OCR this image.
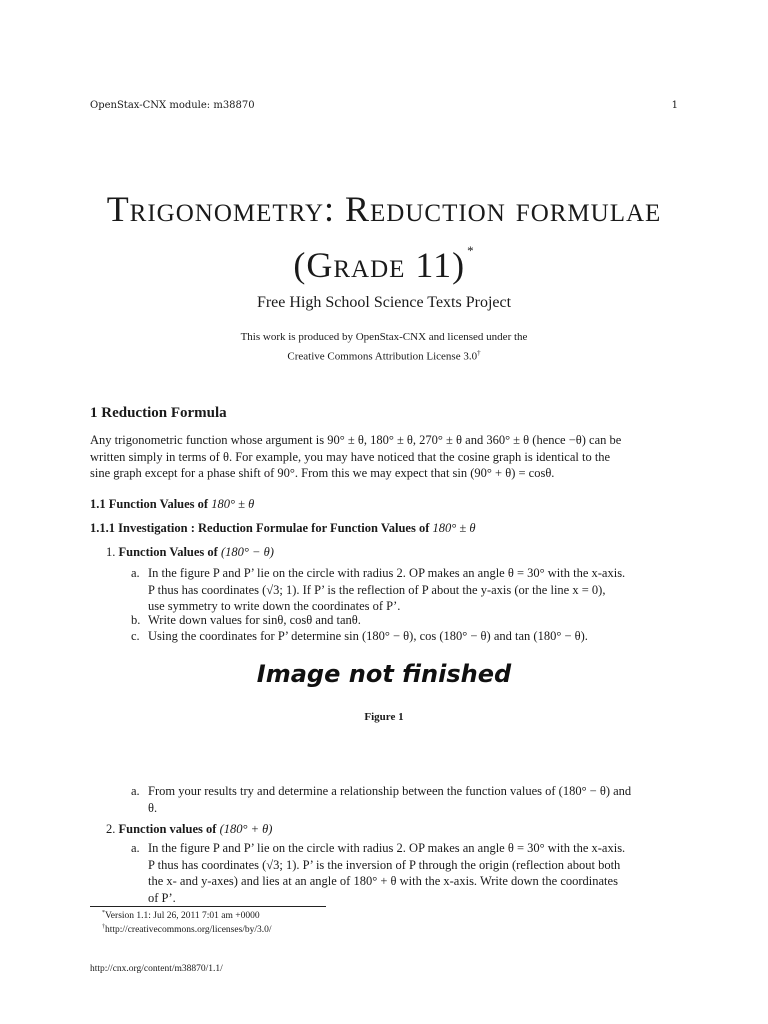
OpenStax-CNX module: m38870	1
Trigonometry: Reduction formulae
(Grade 11) *
Free High School Science Texts Project
This work is produced by OpenStax-CNX and licensed under the
Creative Commons Attribution License 3.0†
1 Reduction Formula
Any trigonometric function whose argument is 90° ± θ, 180° ± θ, 270° ± θ and 360° ± θ (hence −θ) can be
written simply in terms of θ. For example, you may have noticed that the cosine graph is identical to the
sine graph except for a phase shift of 90°. From this we may expect that sin (90° + θ) = cosθ.
1.1 Function Values of 180° ± θ
1.1.1 Investigation : Reduction Formulae for Function Values of 180° ± θ
1. Function Values of (180° − θ)
a. In the figure P and P’ lie on the circle with radius 2. OP makes an angle θ = 30° with the x-axis.
P thus has coordinates (√3; 1). If P’ is the reflection of P about the y-axis (or the line x = 0),
use symmetry to write down the coordinates of P’.
b. Write down values for sinθ, cosθ and tanθ.
c. Using the coordinates for P’ determine sin (180° − θ), cos (180° − θ) and tan (180° − θ).
Image not finished
Figure 1
a. From your results try and determine a relationship between the function values of (180° − θ) and
θ.
2. Function values of (180° + θ)
a. In the figure P and P’ lie on the circle with radius 2. OP makes an angle θ = 30° with the x-axis.
P thus has coordinates (√3; 1). P’ is the inversion of P through the origin (reflection about both
the x- and y-axes) and lies at an angle of 180° + θ with the x-axis. Write down the coordinates
of P’.
*Version 1.1: Jul 26, 2011 7:01 am +0000
†http://creativecommons.org/licenses/by/3.0/
http://cnx.org/content/m38870/1.1/
